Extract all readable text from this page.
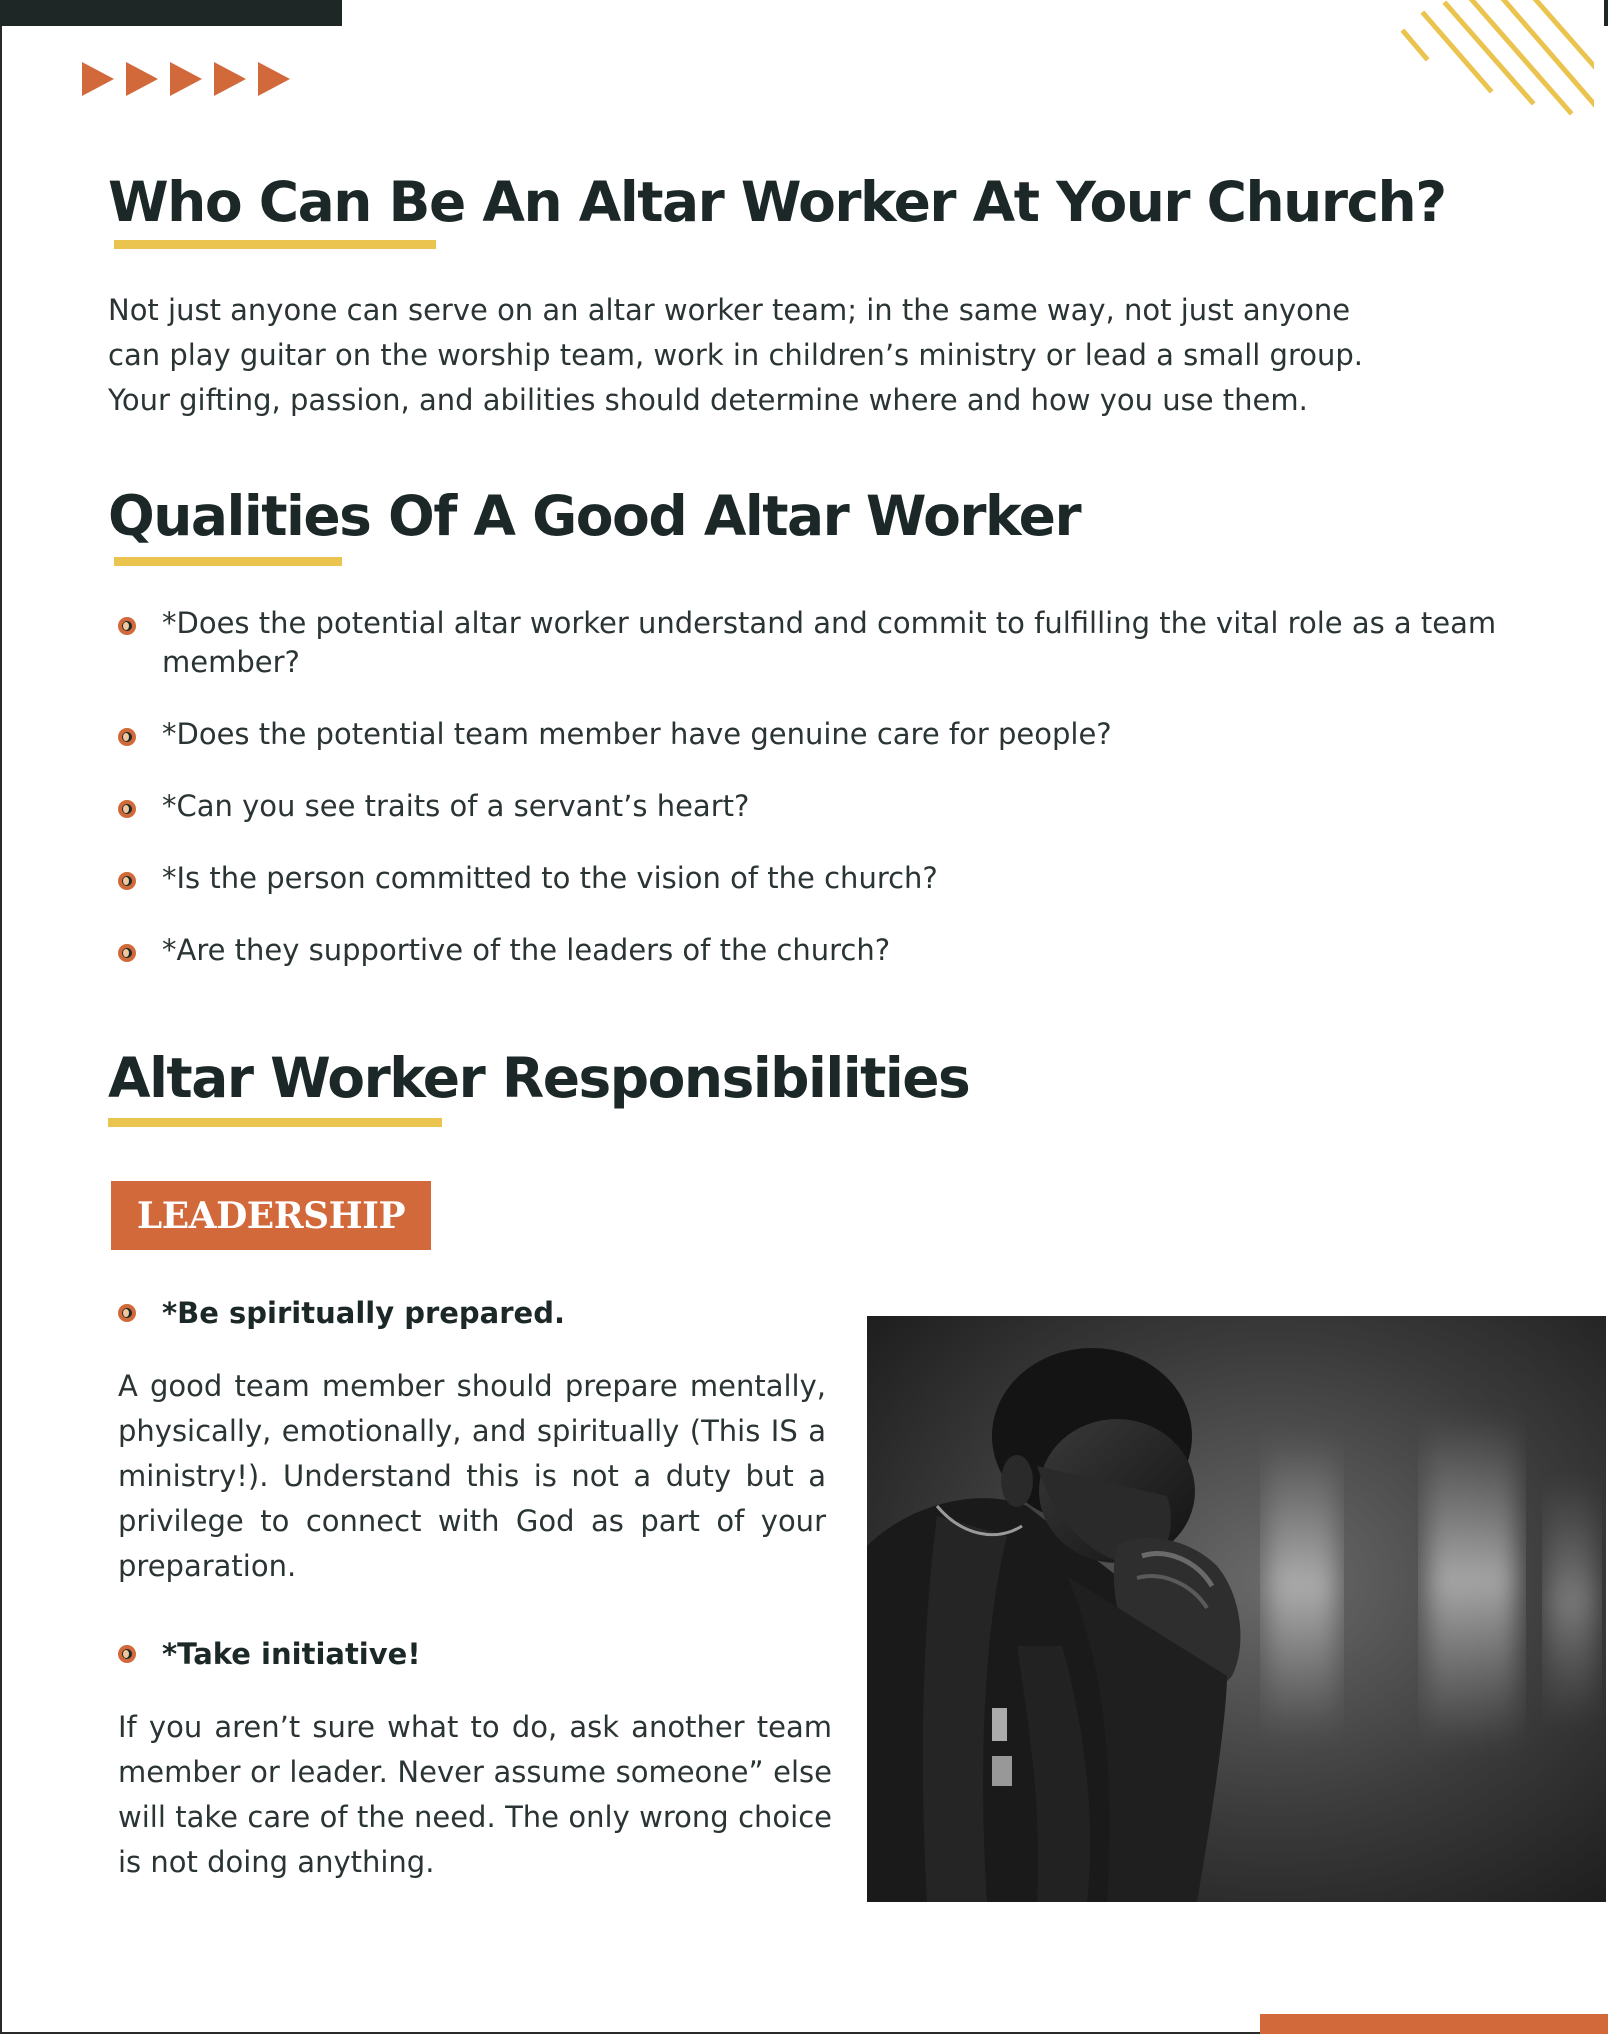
Who Can Be An Altar Worker At Your Church?
Not just anyone can serve on an altar worker team; in the same way, not just anyone
can play guitar on the worship team, work in children’s ministry or lead a small group.
Your gifting, passion, and abilities should determine where and how you use them.
Qualities Of A Good Altar Worker
*Does the potential altar worker understand and commit to fulfilling the vital role as a team member?
*Does the potential team member have genuine care for people?
*Can you see traits of a servant’s heart?
*Is the person committed to the vision of the church?
*Are they supportive of the leaders of the church?
Altar Worker Responsibilities
LEADERSHIP
*Be spiritually prepared.
A good team member should prepare mentally, physically, emotionally, and spiritually (This IS a ministry!). Understand this is not a duty but a privilege to connect with God as part of your preparation.
*Take initiative!
If you aren’t sure what to do, ask another team member or leader. Never assume someone” else will take care of the need. The only wrong choice is not doing anything.
